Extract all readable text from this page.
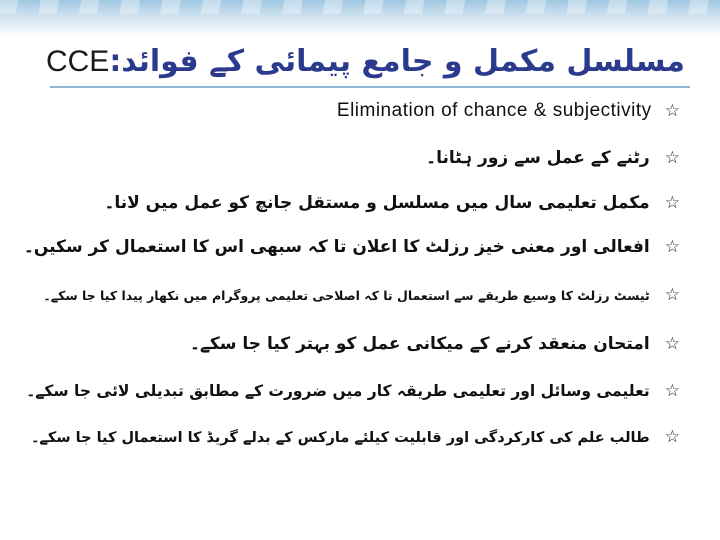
مسلسل مکمل و جامع پیمائی کے فوائد:CCE
Elimination of chance & subjectivity ☆
☆ رٹنے کے عمل سے زور ہٹانا۔
☆ مکمل تعلیمی سال میں مسلسل و مستقل جانچ کو عمل میں لانا۔
☆ افعالی اور معنی خیز رزلٹ کا اعلان تا کہ سبھی اس کا استعمال کر سکیں۔
☆ ٹیسٹ رزلٹ کا وسیع طریقے سے استعمال تا کہ اصلاحی تعلیمی پروگرام میں نکھار پیدا کیا جا سکے۔
☆ امتحان منعقد کرنے کے میکانی عمل کو بہتر کیا جا سکے۔
☆ تعلیمی وسائل اور تعلیمی طریقہ کار میں ضرورت کے مطابق تبدیلی لائی جا سکے۔
☆ طالب علم کی کارکردگی اور قابلیت کیلئے مارکس کے بدلے گریڈ کا استعمال کیا جا سکے۔
